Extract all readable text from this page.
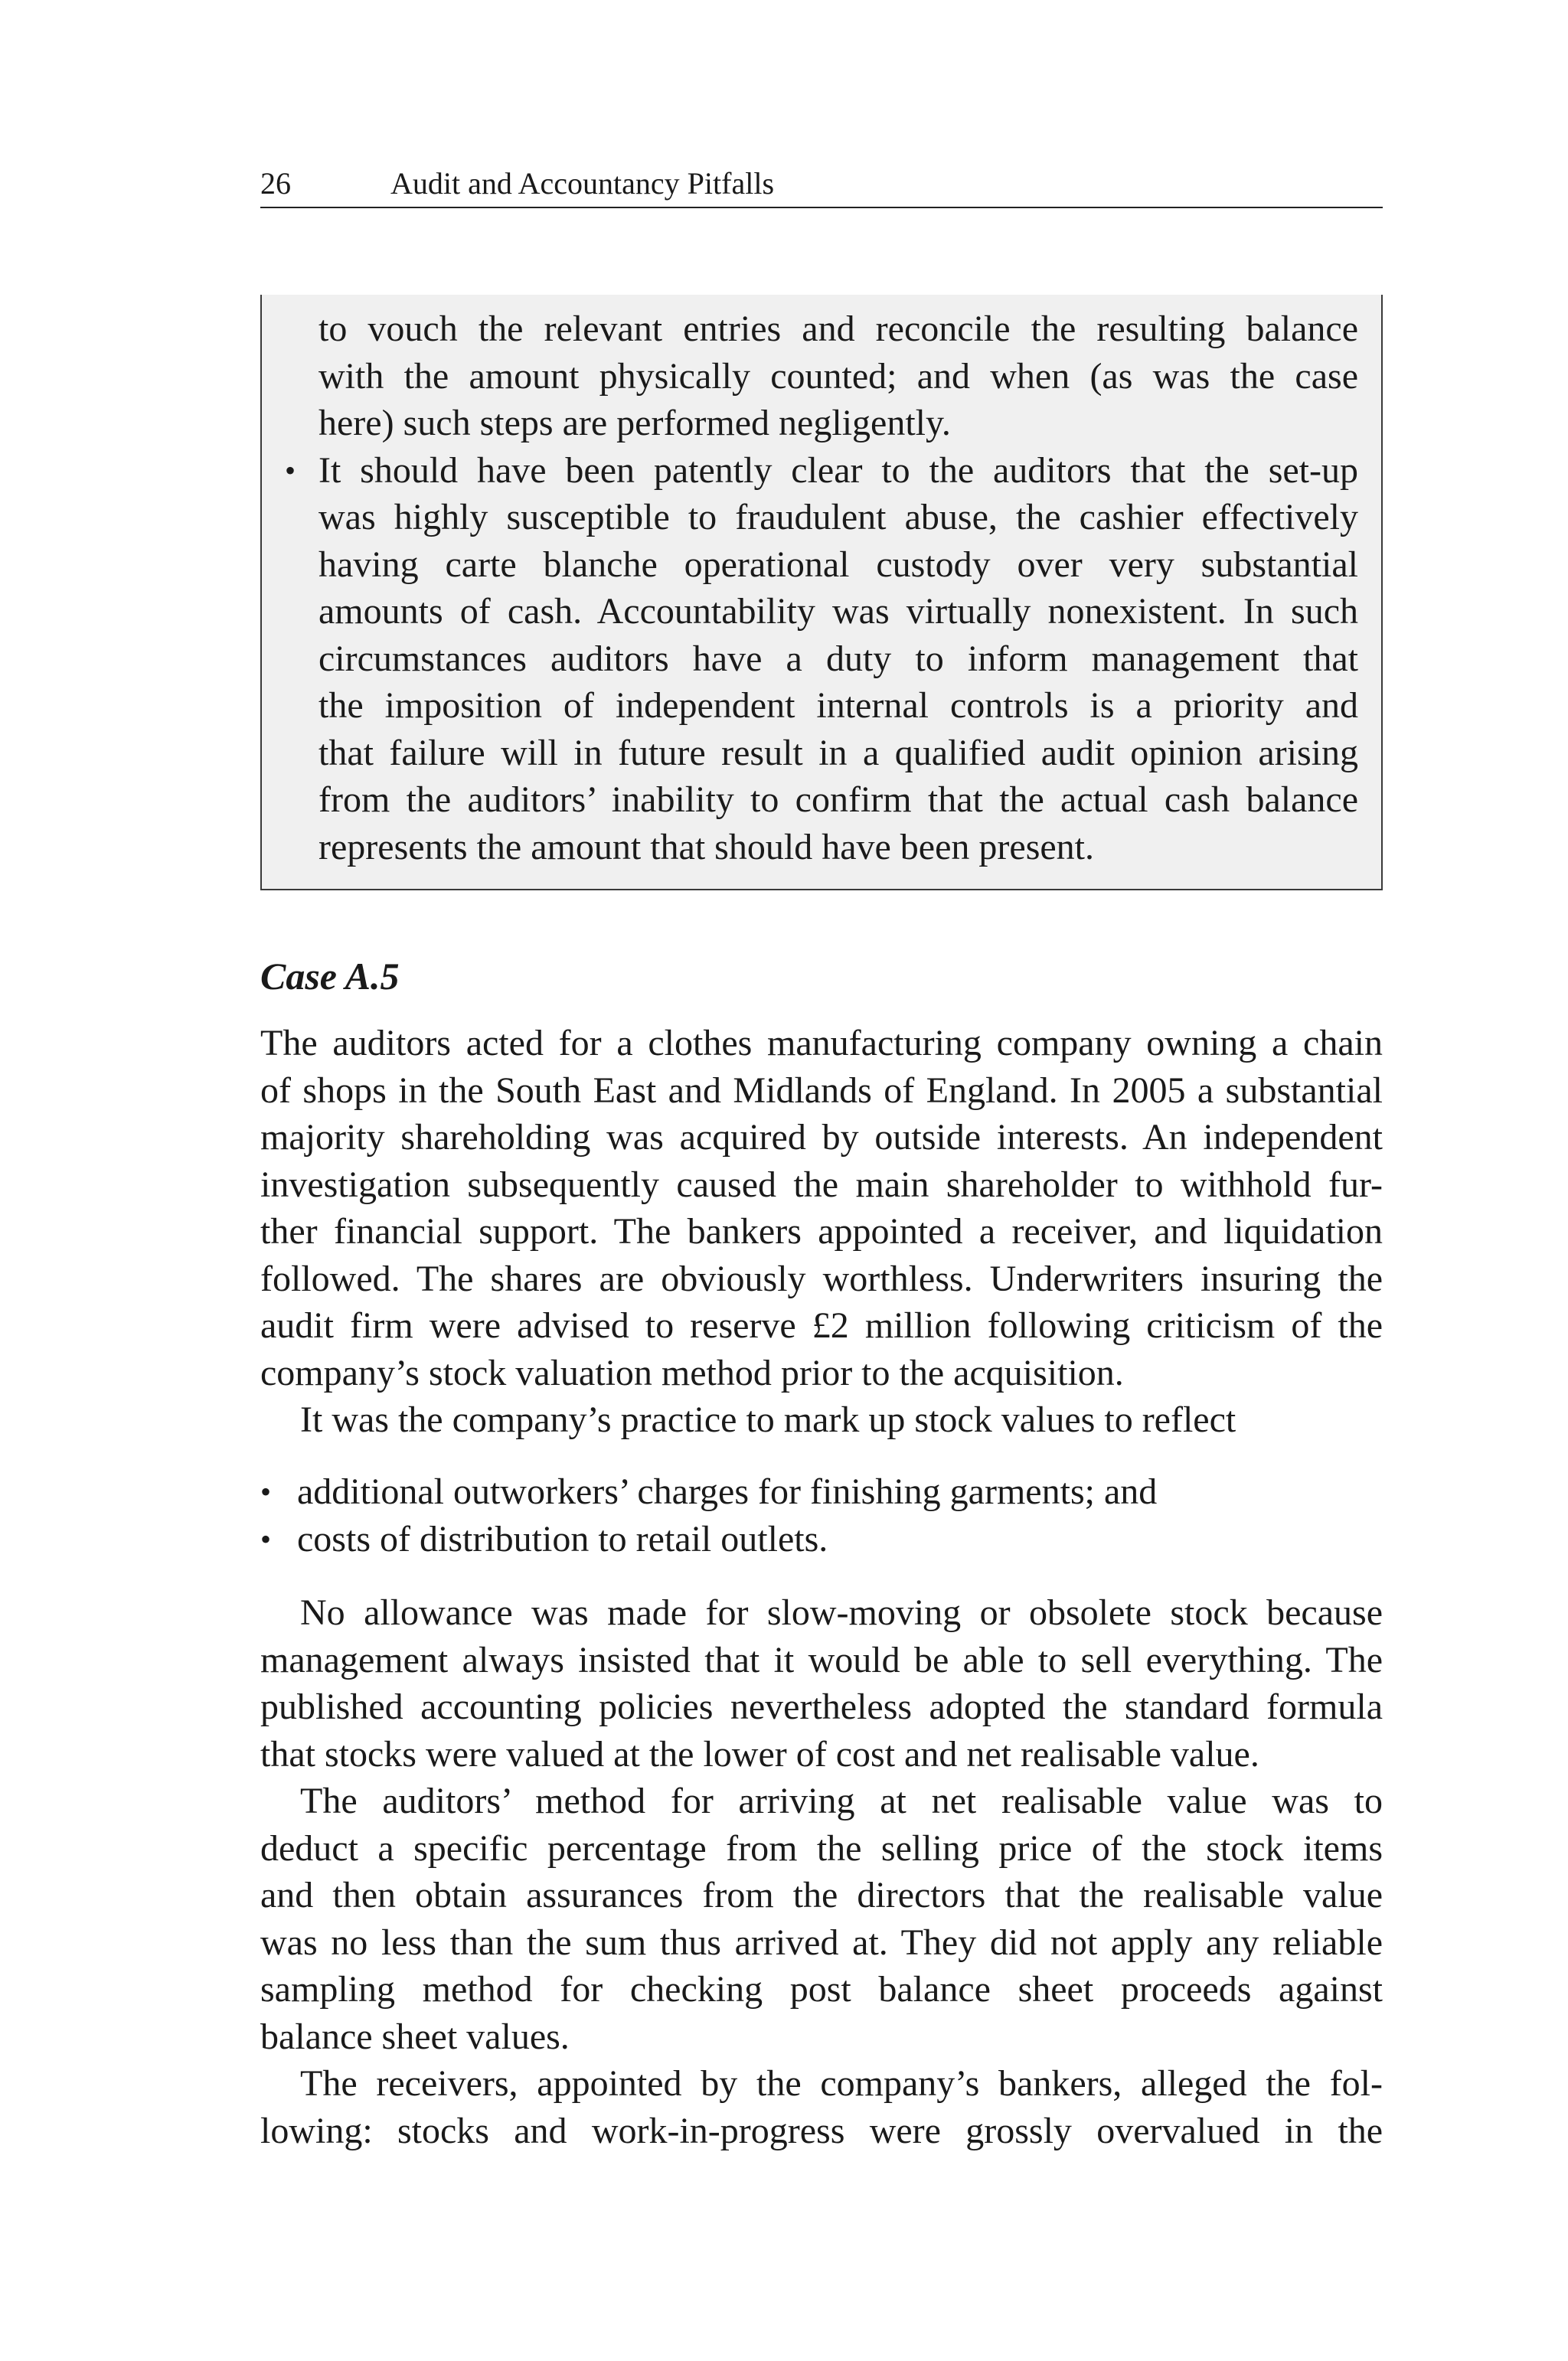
26	Audit and Accountancy Pitfalls
to vouch the relevant entries and reconcile the resulting balance
with the amount physically counted; and when (as was the case
here) such steps are performed negligently.
• It should have been patently clear to the auditors that the set-up
was highly susceptible to fraudulent abuse, the cashier effectively
having carte blanche operational custody over very substantial
amounts of cash. Accountability was virtually nonexistent. In such
circumstances auditors have a duty to inform management that
the imposition of independent internal controls is a priority and
that failure will in future result in a qualified audit opinion arising
from the auditors’ inability to confirm that the actual cash balance
represents the amount that should have been present.
Case A.5
The auditors acted for a clothes manufacturing company owning a chain
of shops in the South East and Midlands of England. In 2005 a substantial
majority shareholding was acquired by outside interests. An independent
investigation subsequently caused the main shareholder to withhold fur-
ther financial support. The bankers appointed a receiver, and liquidation
followed. The shares are obviously worthless. Underwriters insuring the
audit firm were advised to reserve £2 million following criticism of the
company’s stock valuation method prior to the acquisition.
It was the company’s practice to mark up stock values to reflect
• additional outworkers’ charges for finishing garments; and
• costs of distribution to retail outlets.
No allowance was made for slow-moving or obsolete stock because
management always insisted that it would be able to sell everything. The
published accounting policies nevertheless adopted the standard formula
that stocks were valued at the lower of cost and net realisable value.
The auditors’ method for arriving at net realisable value was to
deduct a specific percentage from the selling price of the stock items
and then obtain assurances from the directors that the realisable value
was no less than the sum thus arrived at. They did not apply any reliable
sampling method for checking post balance sheet proceeds against
balance sheet values.
The receivers, appointed by the company’s bankers, alleged the fol-
lowing: stocks and work-in-progress were grossly overvalued in the
